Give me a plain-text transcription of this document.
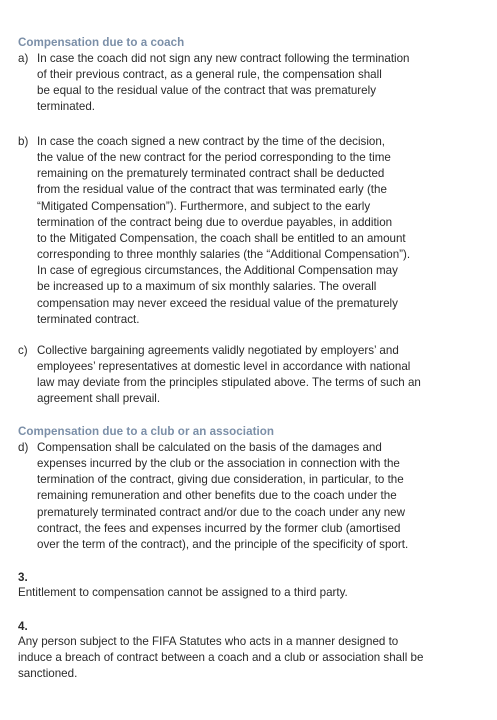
Compensation due to a coach
a) In case the coach did not sign any new contract following the termination
of their previous contract, as a general rule, the compensation shall
be equal to the residual value of the contract that was prematurely
terminated.
b) In case the coach signed a new contract by the time of the decision,
the value of the new contract for the period corresponding to the time
remaining on the prematurely terminated contract shall be deducted
from the residual value of the contract that was terminated early (the
“Mitigated Compensation”). Furthermore, and subject to the early
termination of the contract being due to overdue payables, in addition
to the Mitigated Compensation, the coach shall be entitled to an amount
corresponding to three monthly salaries (the “Additional Compensation”).
In case of egregious circumstances, the Additional Compensation may
be increased up to a maximum of six monthly salaries. The overall
compensation may never exceed the residual value of the prematurely
terminated contract.
c) Collective bargaining agreements validly negotiated by employers’ and
employees’ representatives at domestic level in accordance with national
law may deviate from the principles stipulated above. The terms of such an
agreement shall prevail.
Compensation due to a club or an association
d) Compensation shall be calculated on the basis of the damages and
expenses incurred by the club or the association in connection with the
termination of the contract, giving due consideration, in particular, to the
remaining remuneration and other benefits due to the coach under the
prematurely terminated contract and/or due to the coach under any new
contract, the fees and expenses incurred by the former club (amortised
over the term of the contract), and the principle of the specificity of sport.
3.
Entitlement to compensation cannot be assigned to a third party.
4.
Any person subject to the FIFA Statutes who acts in a manner designed to
induce a breach of contract between a coach and a club or association shall be
sanctioned.
